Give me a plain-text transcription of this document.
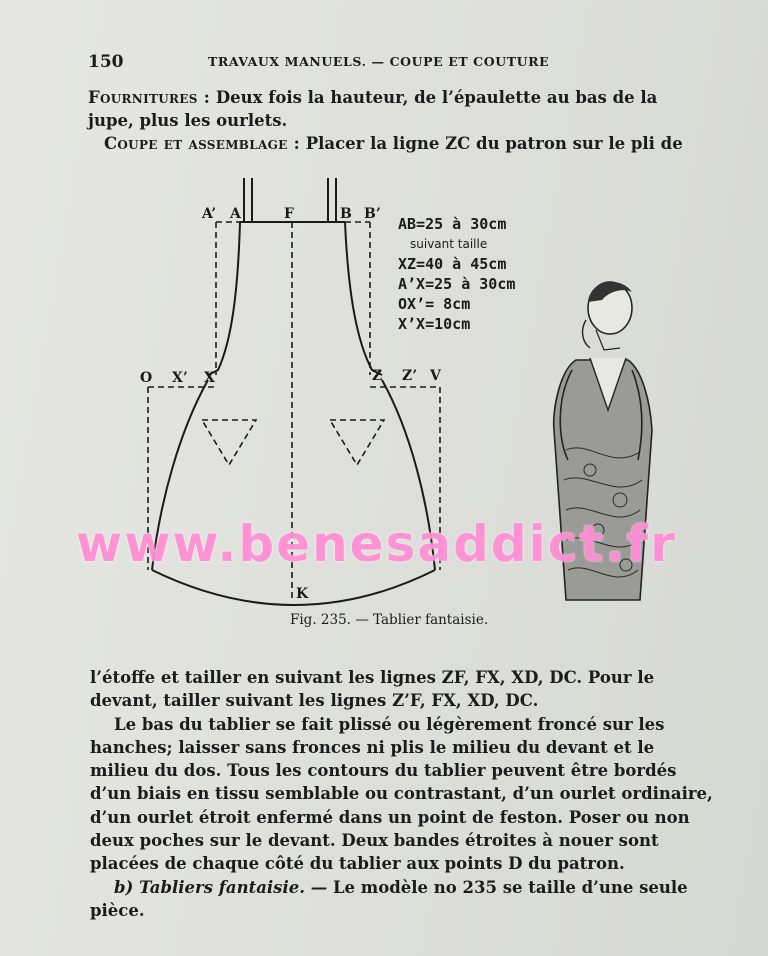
150	TRAVAUX MANUELS. — COUPE ET COUTURE
Fournitures : Deux fois la hauteur, de l’épaulette au bas de la jupe, plus les ourlets.
Coupe et assemblage : Placer la ligne ZC du patron sur le pli de
A’ A	F	B B’
O X’ X	Z Z’ V
K
AB=25 à 30cm
suivant taille
XZ=40 à 45cm
A’X=25 à 30cm
OX’= 8cm
X’X=10cm
Fig. 235. — Tablier fantaisie.
www.benesaddict.fr

l’étoffe et tailler en suivant les lignes ZF, FX, XD, DC. Pour le devant, tailler suivant les lignes Z’F, FX, XD, DC.

Le bas du tablier se fait plissé ou légèrement froncé sur les hanches; laisser sans fronces ni plis le milieu du devant et le milieu du dos. Tous les contours du tablier peuvent être bordés d’un biais en tissu semblable ou contrastant, d’un ourlet ordinaire, d’un ourlet étroit enfermé dans un point de feston. Poser ou non deux poches sur le devant. Deux bandes étroites à nouer sont placées de chaque côté du tablier aux points D du patron.

b) Tabliers fantaisie. — Le modèle no 235 se taille d’une seule pièce.
